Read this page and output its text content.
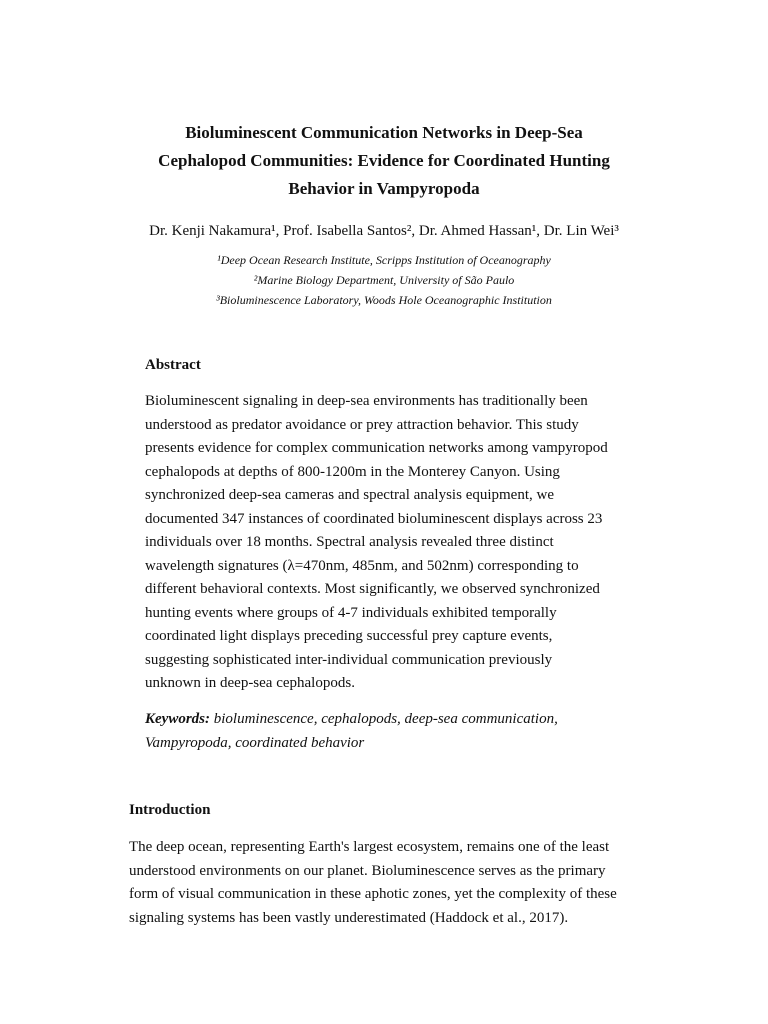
Bioluminescent Communication Networks in Deep-Sea
Cephalopod Communities: Evidence for Coordinated Hunting
Behavior in Vampyropoda

Dr. Kenji Nakamura¹, Prof. Isabella Santos², Dr. Ahmed Hassan¹, Dr. Lin Wei³

¹Deep Ocean Research Institute, Scripps Institution of Oceanography
²Marine Biology Department, University of São Paulo
³Bioluminescence Laboratory, Woods Hole Oceanographic Institution
Abstract
Bioluminescent signaling in deep-sea environments has traditionally been
understood as predator avoidance or prey attraction behavior. This study
presents evidence for complex communication networks among vampyropod
cephalopods at depths of 800-1200m in the Monterey Canyon. Using
synchronized deep-sea cameras and spectral analysis equipment, we
documented 347 instances of coordinated bioluminescent displays across 23
individuals over 18 months. Spectral analysis revealed three distinct
wavelength signatures (λ=470nm, 485nm, and 502nm) corresponding to
different behavioral contexts. Most significantly, we observed synchronized
hunting events where groups of 4-7 individuals exhibited temporally
coordinated light displays preceding successful prey capture events,
suggesting sophisticated inter-individual communication previously
unknown in deep-sea cephalopods.
Keywords: bioluminescence, cephalopods, deep-sea communication,
Vampyropoda, coordinated behavior
Introduction
The deep ocean, representing Earth's largest ecosystem, remains one of the least
understood environments on our planet. Bioluminescence serves as the primary
form of visual communication in these aphotic zones, yet the complexity of these
signaling systems has been vastly underestimated (Haddock et al., 2017).
